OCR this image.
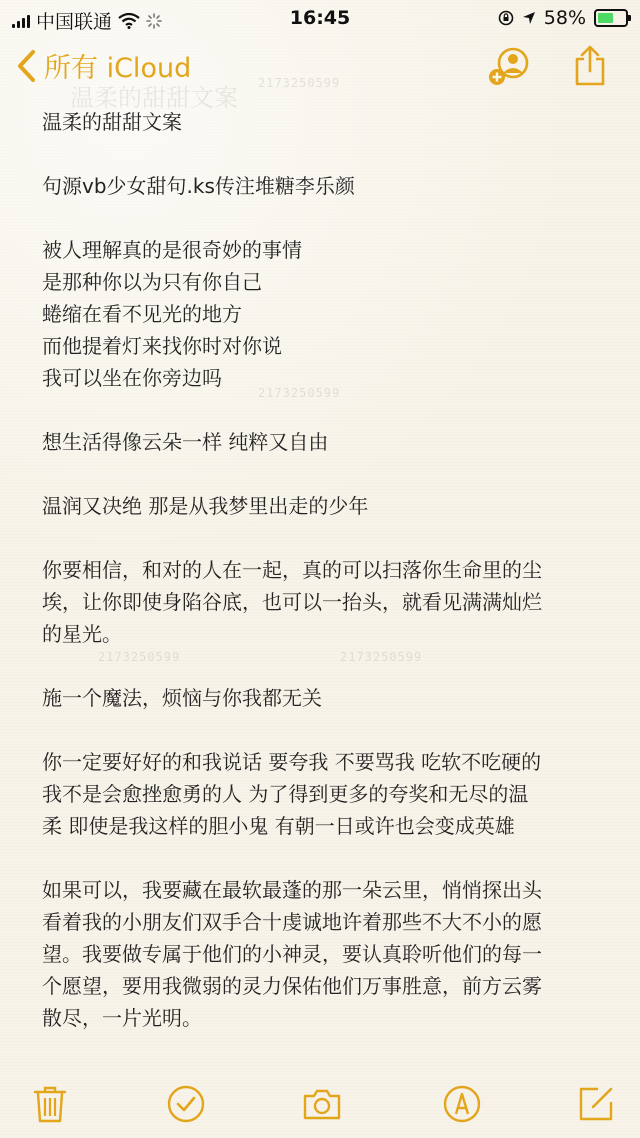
2173250599
2173250599
2173250599	2173250599
中国联通	16:45	58%
温柔的甜甜文案
所有 iCloud
温柔的甜甜文案
句源vb少女甜句.ks传注堆糖李乐颜
被人理解真的是很奇妙的事情
是那种你以为只有你自己
蜷缩在看不见光的地方
而他提着灯来找你时对你说
我可以坐在你旁边吗
想生活得像云朵一样 纯粹又自由
温润又决绝 那是从我梦里出走的少年
你要相信，和对的人在一起，真的可以扫落你生命里的尘
埃，让你即使身陷谷底，也可以一抬头，就看见满满灿烂
的星光。
施一个魔法，烦恼与你我都无关
你一定要好好的和我说话 要夸我 不要骂我 吃软不吃硬的
我不是会愈挫愈勇的人 为了得到更多的夸奖和无尽的温
柔 即使是我这样的胆小鬼 有朝一日或许也会变成英雄
如果可以，我要藏在最软最蓬的那一朵云里，悄悄探出头
看着我的小朋友们双手合十虔诚地许着那些不大不小的愿
望。我要做专属于他们的小神灵，要认真聆听他们的每一
个愿望，要用我微弱的灵力保佑他们万事胜意，前方云雾
散尽，一片光明。
